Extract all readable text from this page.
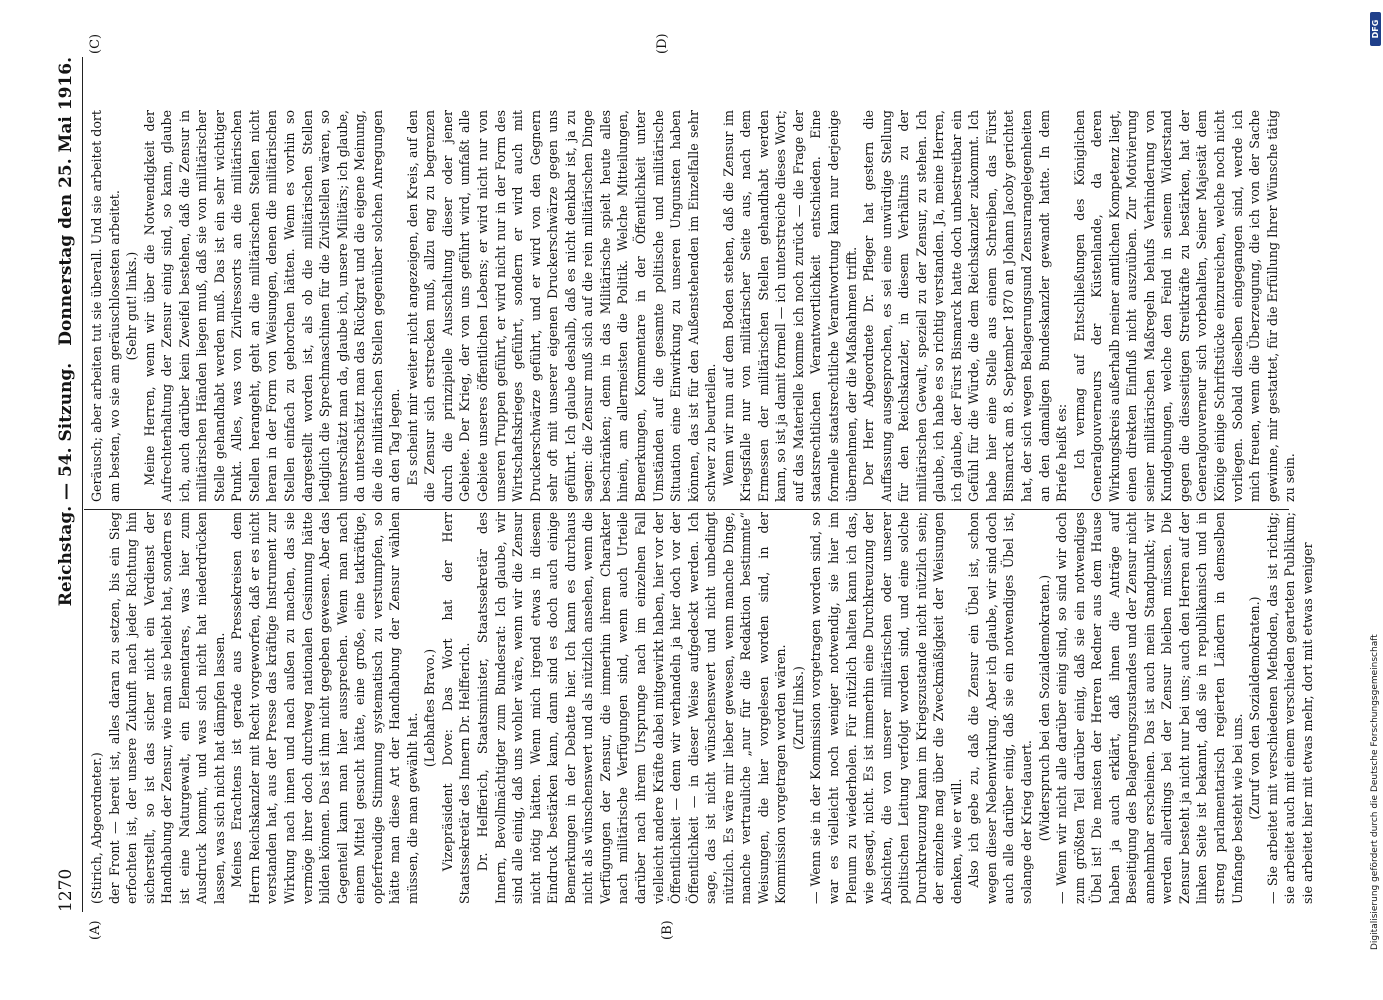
1270
Reichstag. — 54. Sitzung.
Donnerstag den 25. Mai 1916.
(A)	(B)
(C)	(D)

(Stirich, Abgeordneter.) der Front — bereit ist, alles daran zu setzen, bis ein Sieg erfochten ist, der unsere Zukunft nach jeder Richtung hin sicherstellt, so ist das sicher nicht ein Verdienst der Handhabung der Zensur, wie man sie beliebt hat, sondern es ist eine Naturgewalt, ein Elementares, was hier zum Ausdruck kommt, und was sich nicht hat niederdrücken lassen, was sich nicht hat dämpfen lassen. Meines Erachtens ist gerade aus Pressekreisen dem Herrn Reichskanzler mit Recht vorgeworfen, daß er es nicht verstanden hat, aus der Presse das kräftige Instrument zur Wirkung nach innen und nach außen zu machen, das sie vermöge ihrer doch durchweg nationalen Gesinnung hätte bilden können. Das ist ihm nicht gegeben gewesen. Aber das Gegenteil kann man hier aussprechen. Wenn man nach einem Mittel gesucht hätte, eine große, eine tatkräftige, opferfreudige Stimmung systematisch zu verstumpfen, so hätte man diese Art der Handhabung der Zensur wählen müssen, die man gewählt hat.

(Lebhaftes Bravo.) Vizepräsident Dove: Das Wort hat der Herr Staatssekretär des Innern Dr. Helfferich. Dr. Helfferich, Staatsminister, Staatssekretär des Innern, Bevollmächtigter zum Bundesrat: Ich glaube, wir sind alle einig, daß uns wohler wäre, wenn wir die Zensur nicht nötig hätten. Wenn mich irgend etwas in diesem Eindruck bestärken kann, dann sind es doch auch einige Bemerkungen in der Debatte hier. Ich kann es durchaus nicht als wünschenswert und als nützlich ansehen, wenn die Verfügungen der Zensur, die immerhin ihrem Charakter nach militärische Verfügungen sind, wenn auch Urteile darüber nach ihrem Ursprunge nach im einzelnen Fall vielleicht andere Kräfte dabei mitgewirkt haben, hier vor der Öffentlichkeit — denn wir verhandeln ja hier doch vor der Öffentlichkeit — in dieser Weise aufgedeckt werden. Ich sage, das ist nicht wünschenswert und nicht unbedingt nützlich. Es wäre mir lieber gewesen, wenn manche Dinge, manche vertrauliche „nur für die Redaktion bestimmte“ Weisungen, die hier vorgelesen worden sind, in der Kommission vorgetragen worden wären. (Zuruf links.) — Wenn sie in der Kommission vorgetragen worden sind, so war es vielleicht noch weniger notwendig, sie hier im Plenum zu wiederholen. Für nützlich halten kann ich das, wie gesagt, nicht. Es ist immerhin eine Durchkreuzung der Absichten, die von unserer militärischen oder unserer politischen Leitung verfolgt worden sind, und eine solche Durchkreuzung kann im Kriegszustande nicht nützlich sein; der einzelne mag über die Zweckmäßigkeit der Weisungen denken, wie er will. Also ich gebe zu, daß die Zensur ein Übel ist, schon wegen dieser Nebenwirkung. Aber ich glaube, wir sind doch auch alle darüber einig, daß sie ein notwendiges Übel ist, solange der Krieg dauert. (Widerspruch bei den Sozialdemokraten.) — Wenn wir nicht alle darüber einig sind, so sind wir doch zum größten Teil darüber einig, daß sie ein notwendiges Übel ist! Die meisten der Herren Redner aus dem Hause haben ja auch erklärt, daß ihnen die Anträge auf Beseitigung des Belagerungszustandes und der Zensur nicht annehmbar erscheinen. Das ist auch mein Standpunkt; wir werden allerdings bei der Zensur bleiben müssen. Die Zensur besteht ja nicht nur bei uns; auch den Herren auf der linken Seite ist bekannt, daß sie in republikanisch und in streng parlamentarisch regierten Ländern in demselben Umfange besteht wie bei uns. (Zuruf von den Sozialdemokraten.) — Sie arbeitet mit verschiedenen Methoden, das ist richtig; sie arbeitet auch mit einem verschieden gearteten Publikum; sie arbeitet hier mit etwas mehr, dort mit etwas weniger

Geräusch; aber arbeiten tut sie überall. Und sie arbeitet dort am besten, wo sie am geräuschlosesten arbeitet. (Sehr gut! links.) Meine Herren, wenn wir über die Notwendigkeit der Aufrechterhaltung der Zensur einig sind, so kann, glaube ich, auch darüber kein Zweifel bestehen, daß die Zensur in militärischen Händen liegen muß, daß sie von militärischer Stelle gehandhabt werden muß. Das ist ein sehr wichtiger Punkt. Alles, was von Zivilressorts an die militärischen Stellen herangeht, geht an die militärischen Stellen nicht heran in der Form von Weisungen, denen die militärischen Stellen einfach zu gehorchen hätten. Wenn es vorhin so dargestellt worden ist, als ob die militärischen Stellen lediglich die Sprechmaschinen für die Zivilstellen wären, so unterschätzt man da, glaube ich, unsere Militärs; ich glaube, da unterschätzt man das Rückgrat und die eigene Meinung, die die militärischen Stellen gegenüber solchen Anregungen an den Tag legen. Es scheint mir weiter nicht angezeigen, den Kreis, auf den die Zensur sich erstrecken muß, allzu eng zu begrenzen durch die prinzipielle Ausschaltung dieser oder jener Gebiete. Der Krieg, der von uns geführt wird, umfaßt alle Gebiete unseres öffentlichen Lebens; er wird nicht nur von unseren Truppen geführt, er wird nicht nur in der Form des Wirtschaftskrieges geführt, sondern er wird auch mit Druckerschwärze geführt, und er wird von den Gegnern sehr oft mit unserer eigenen Druckerschwärze gegen uns geführt. Ich glaube deshalb, daß es nicht denkbar ist, ja zu sagen: die Zensur muß sich auf die rein militärischen Dinge beschränken; denn in das Militärische spielt heute alles hinein, am allermeisten die Politik. Welche Mitteilungen, Bemerkungen, Kommentare in der Öffentlichkeit unter Umständen auf die gesamte politische und militärische Situation eine Einwirkung zu unseren Ungunsten haben können, das ist für den Außenstehenden im Einzelfalle sehr schwer zu beurteilen. Wenn wir nun auf dem Boden stehen, daß die Zensur im Kriegsfalle nur von militärischer Seite aus, nach dem Ermessen der militärischen Stellen gehandhabt werden kann, so ist ja damit formell — ich unterstreiche dieses Wort; auf das Materielle komme ich noch zurück — die Frage der staatsrechtlichen Verantwortlichkeit entschieden. Eine formelle staatsrechtliche Verantwortung kann nur derjenige übernehmen, der die Maßnahmen trifft. Der Herr Abgeordnete Dr. Pfleger hat gestern die Auffassung ausgesprochen, es sei eine unwürdige Stellung für den Reichskanzler, in diesem Verhältnis zu der militärischen Gewalt, speziell zu der Zensur, zu stehen. Ich glaube, ich habe es so richtig verstanden. Ja, meine Herren, ich glaube, der Fürst Bismarck hatte doch unbestreitbar ein Gefühl für die Würde, die dem Reichskanzler zukommt. Ich habe hier eine Stelle aus einem Schreiben, das Fürst Bismarck am 8. September 1870 an Johann Jacoby gerichtet hat, der sich wegen Belagerungsund Zensurangelegenheiten an den damaligen Bundeskanzler gewandt hatte. In dem Briefe heißt es: Ich vermag auf Entschließungen des Königlichen Generalgouverneurs der Küstenlande, da deren Wirkungskreis außerhalb meiner amtlichen Kompetenz liegt, einen direkten Einfluß nicht auszuüben. Zur Motivierung seiner militärischen Maßregeln behufs Verhinderung von Kundgebungen, welche den Feind in seinem Widerstand gegen die diesseitigen Streitkräfte zu bestärken, hat der Generalgouverneur sich vorbehalten, Seiner Majestät dem Könige einige Schriftstücke einzureichen, welche noch nicht vorliegen. Sobald dieselben eingegangen sind, werde ich mich freuen, wenn die Überzeugung, die ich von der Sache gewinne, mir gestattet, für die Erfüllung Ihrer Wünsche tätig zu sein.

DFG
Digitalisierung gefördert durch die Deutsche Forschungsgemeinschaft
